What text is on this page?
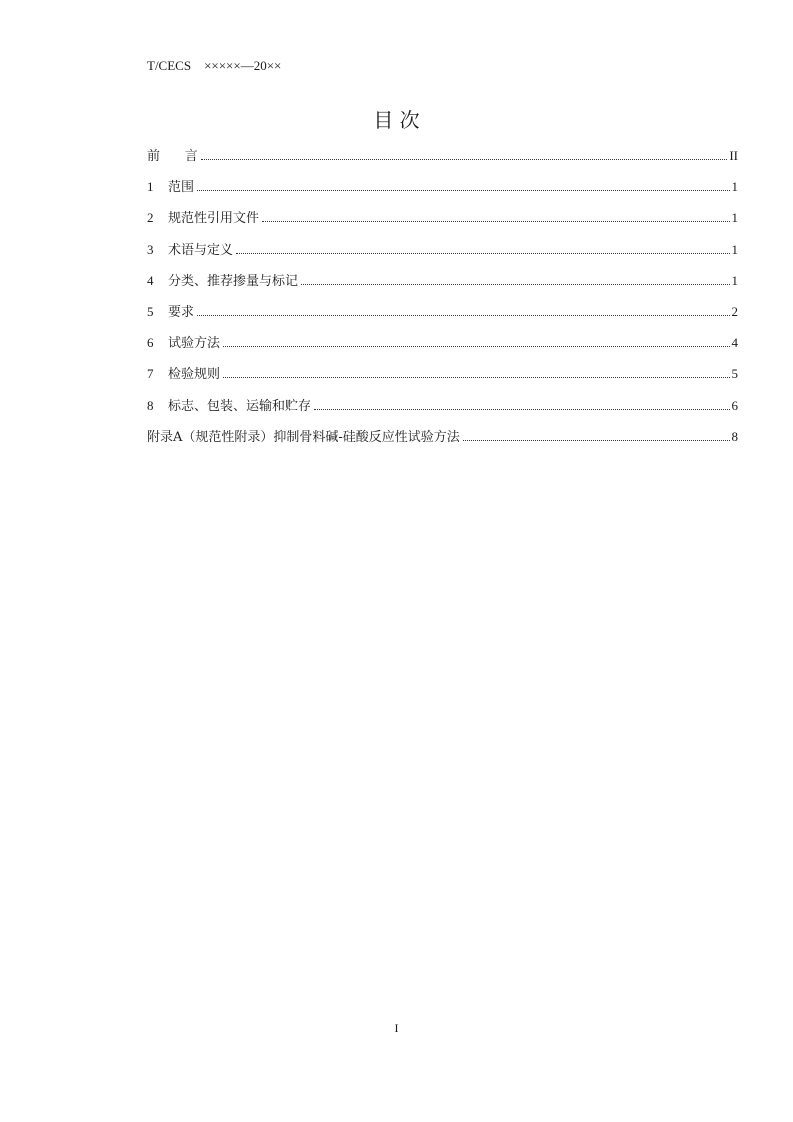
T/CECS    ×××××—20××
目 次
前      言	II
1	范围	1
2	规范性引用文件	1
3	术语与定义	1
4	分类、推荐掺量与标记	1
5	要求	2
6	试验方法	4
7	检验规则	5
8	标志、包装、运输和贮存	6
附录A（规范性附录）抑制骨料碱-硅酸反应性试验方法	8
I
